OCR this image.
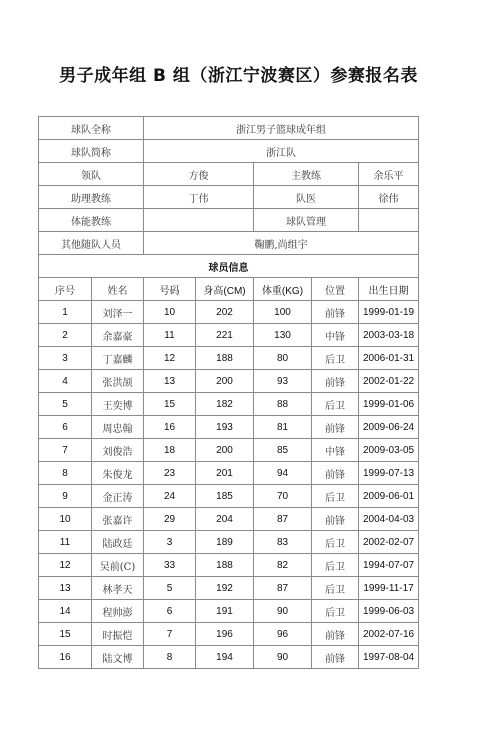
男子成年组 B 组（浙江宁波赛区）参赛报名表
球队全称		浙江男子篮球成年组				
球队简称		浙江队				
领队		方俊		主教练		余乐平
助理教练		丁伟		队医		徐伟
体能教练				球队管理		
其他随队人员		鞠鹏,尚组宇				
球员信息						
序号	姓名	号码	身高(CM)	体重(KG)	位置	出生日期
1	刘泽一	10	202	100	前锋	1999-01-19
2	余嘉豪	11	221	130	中锋	2003-03-18
3	丁嘉麟	12	188	80	后卫	2006-01-31
4	张洪颉	13	200	93	前锋	2002-01-22
5	王奕博	15	182	88	后卫	1999-01-06
6	周忠翰	16	193	81	前锋	2009-06-24
7	刘俊浩	18	200	85	中锋	2009-03-05
8	朱俊龙	23	201	94	前锋	1999-07-13
9	金正涛	24	185	70	后卫	2009-06-01
10	张嘉许	29	204	87	前锋	2004-04-03
11	陆政廷	3	189	83	后卫	2002-02-07
12	吴前(C)	33	188	82	后卫	1994-07-07
13	林孝天	5	192	87	后卫	1999-11-17
14	程帅澎	6	191	90	后卫	1999-06-03
15	时振恺	7	196	96	前锋	2002-07-16
16	陆文博	8	194	90	前锋	1997-08-04
